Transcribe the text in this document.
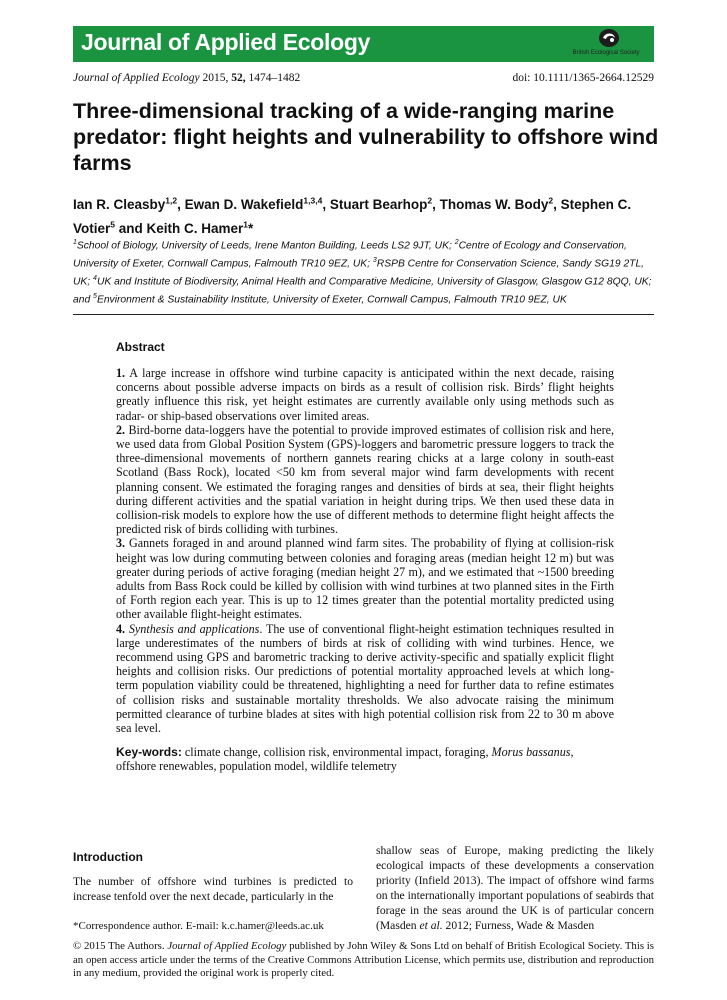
Journal of Applied Ecology	British Ecological Society
Journal of Applied Ecology 2015, 52, 1474–1482	doi: 10.1111/1365-2664.12529
Three-dimensional tracking of a wide-ranging marine predator: flight heights and vulnerability to offshore wind farms
Ian R. Cleasby$^{1,2}$, Ewan D. Wakefield$^{1,3,4}$, Stuart Bearhop$^2$, Thomas W. Body$^2$, Stephen C. Votier$^5$ and Keith C. Hamer$^1$*
$^1$School of Biology, University of Leeds, Irene Manton Building, Leeds LS2 9JT, UK; $^2$Centre of Ecology and Conservation, University of Exeter, Cornwall Campus, Falmouth TR10 9EZ, UK; $^3$RSPB Centre for Conservation Science, Sandy SG19 2TL, UK; $^4$UK and Institute of Biodiversity, Animal Health and Comparative Medicine, University of Glasgow, Glasgow G12 8QQ, UK; and $^5$Environment & Sustainability Institute, University of Exeter, Cornwall Campus, Falmouth TR10 9EZ, UK
Abstract

1. A large increase in offshore wind turbine capacity is anticipated within the next decade, raising concerns about possible adverse impacts on birds as a result of collision risk. Birds’ flight heights greatly influence this risk, yet height estimates are currently available only using methods such as radar- or ship-based observations over limited areas.

2. Bird-borne data-loggers have the potential to provide improved estimates of collision risk and here, we used data from Global Position System (GPS)-loggers and barometric pressure loggers to track the three-dimensional movements of northern gannets rearing chicks at a large colony in south-east Scotland (Bass Rock), located <50 km from several major wind farm developments with recent planning consent. We estimated the foraging ranges and densities of birds at sea, their flight heights during different activities and the spatial variation in height during trips. We then used these data in collision-risk models to explore how the use of different methods to determine flight height affects the predicted risk of birds colliding with turbines.

3. Gannets foraged in and around planned wind farm sites. The probability of flying at collision-risk height was low during commuting between colonies and foraging areas (median height 12 m) but was greater during periods of active foraging (median height 27 m), and we estimated that ~1500 breeding adults from Bass Rock could be killed by collision with wind turbines at two planned sites in the Firth of Forth region each year. This is up to 12 times greater than the potential mortality predicted using other available flight-height estimates.

4. Synthesis and applications. The use of conventional flight-height estimation techniques resulted in large underestimates of the numbers of birds at risk of colliding with wind turbines. Hence, we recommend using GPS and barometric tracking to derive activity-specific and spatially explicit flight heights and collision risks. Our predictions of potential mortality approached levels at which long-term population viability could be threatened, highlighting a need for further data to refine estimates of collision risks and sustainable mortality thresholds. We also advocate raising the minimum permitted clearance of turbine blades at sites with high potential collision risk from 22 to 30 m above sea level.

Key-words: climate change, collision risk, environmental impact, foraging, Morus bassanus, offshore renewables, population model, wildlife telemetry

Introduction

The number of offshore wind turbines is predicted to increase tenfold over the next decade, particularly in the

shallow seas of Europe, making predicting the likely ecological impacts of these developments a conservation priority (Infield 2013). The impact of offshore wind farms on the internationally important populations of seabirds that forage in the seas around the UK is of particular concern (Masden et al. 2012; Furness, Wade & Masden

*Correspondence author. E-mail: k.c.hamer@leeds.ac.uk
© 2015 The Authors. Journal of Applied Ecology published by John Wiley & Sons Ltd on behalf of British Ecological Society. This is an open access article under the terms of the Creative Commons Attribution License, which permits use, distribution and reproduction in any medium, provided the original work is properly cited.
